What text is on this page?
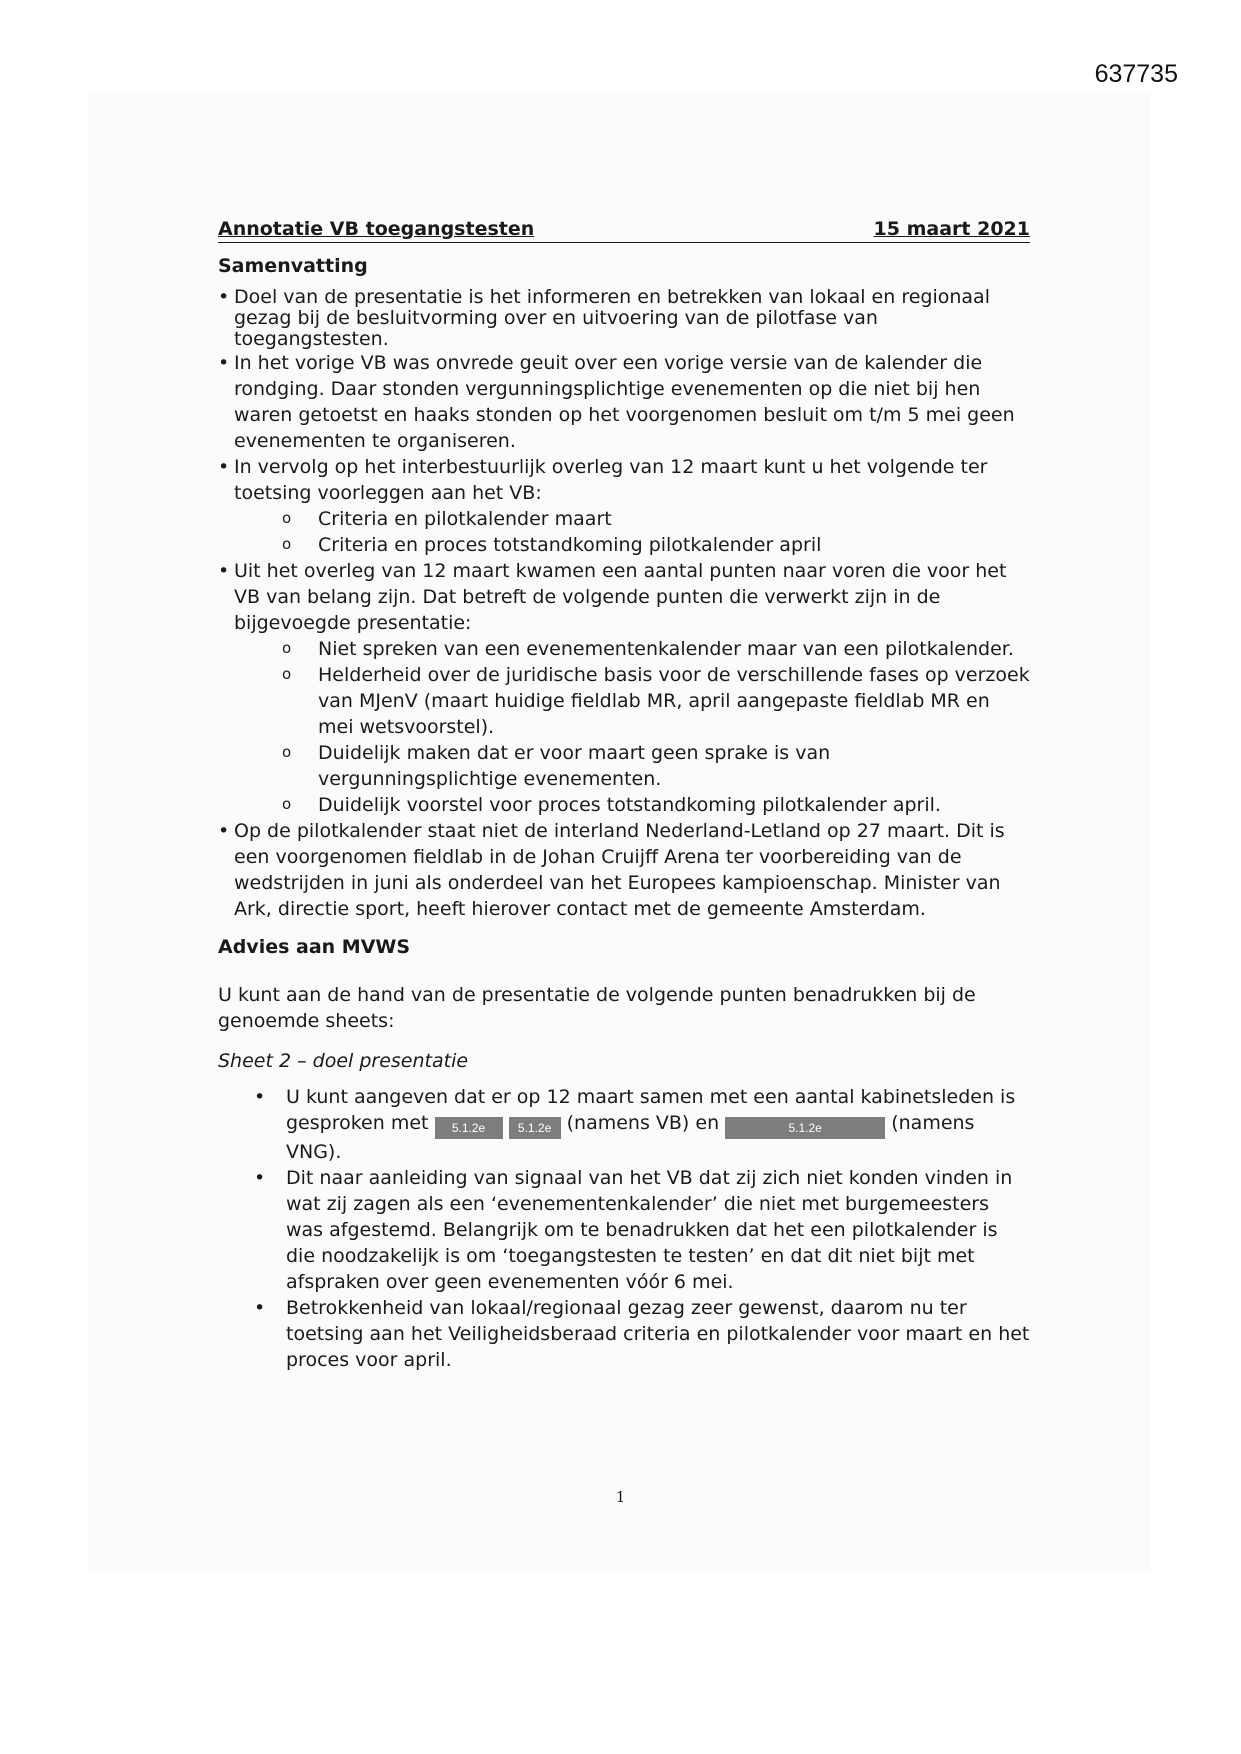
637735
Annotatie VB toegangstesten	15 maart 2021
Samenvatting
• Doel van de presentatie is het informeren en betrekken van lokaal en regionaal gezag bij de besluitvorming over en uitvoering van de pilotfase van toegangstesten.
• In het vorige VB was onvrede geuit over een vorige versie van de kalender die rondging. Daar stonden vergunningsplichtige evenementen op die niet bij hen waren getoetst en haaks stonden op het voorgenomen besluit om t/m 5 mei geen evenementen te organiseren.
• In vervolg op het interbestuurlijk overleg van 12 maart kunt u het volgende ter toetsing voorleggen aan het VB:
o Criteria en pilotkalender maart
o Criteria en proces totstandkoming pilotkalender april
• Uit het overleg van 12 maart kwamen een aantal punten naar voren die voor het VB van belang zijn. Dat betreft de volgende punten die verwerkt zijn in de bijgevoegde presentatie:
o Niet spreken van een evenementenkalender maar van een pilotkalender.
o Helderheid over de juridische basis voor de verschillende fases op verzoek van MJenV (maart huidige fieldlab MR, april aangepaste fieldlab MR en mei wetsvoorstel).
o Duidelijk maken dat er voor maart geen sprake is van vergunningsplichtige evenementen.
o Duidelijk voorstel voor proces totstandkoming pilotkalender april.
• Op de pilotkalender staat niet de interland Nederland-Letland op 27 maart. Dit is een voorgenomen fieldlab in de Johan Cruijff Arena ter voorbereiding van de wedstrijden in juni als onderdeel van het Europees kampioenschap. Minister van Ark, directie sport, heeft hierover contact met de gemeente Amsterdam.
Advies aan MVWS

U kunt aan de hand van de presentatie de volgende punten benadrukken bij de genoemde sheets:

Sheet 2 – doel presentatie

• U kunt aangeven dat er op 12 maart samen met een aantal kabinetsleden is gesproken met 5.1.2e	5.1.2e (namens VB) en	5.1.2e	(namens VNG).
• Dit naar aanleiding van signaal van het VB dat zij zich niet konden vinden in wat zij zagen als een ‘evenementenkalender’ die niet met burgemeesters was afgestemd. Belangrijk om te benadrukken dat het een pilotkalender is die noodzakelijk is om ‘toegangstesten te testen’ en dat dit niet bijt met afspraken over geen evenementen vóór 6 mei.
• Betrokkenheid van lokaal/regionaal gezag zeer gewenst, daarom nu ter toetsing aan het Veiligheidsberaad criteria en pilotkalender voor maart en het proces voor april.
1
